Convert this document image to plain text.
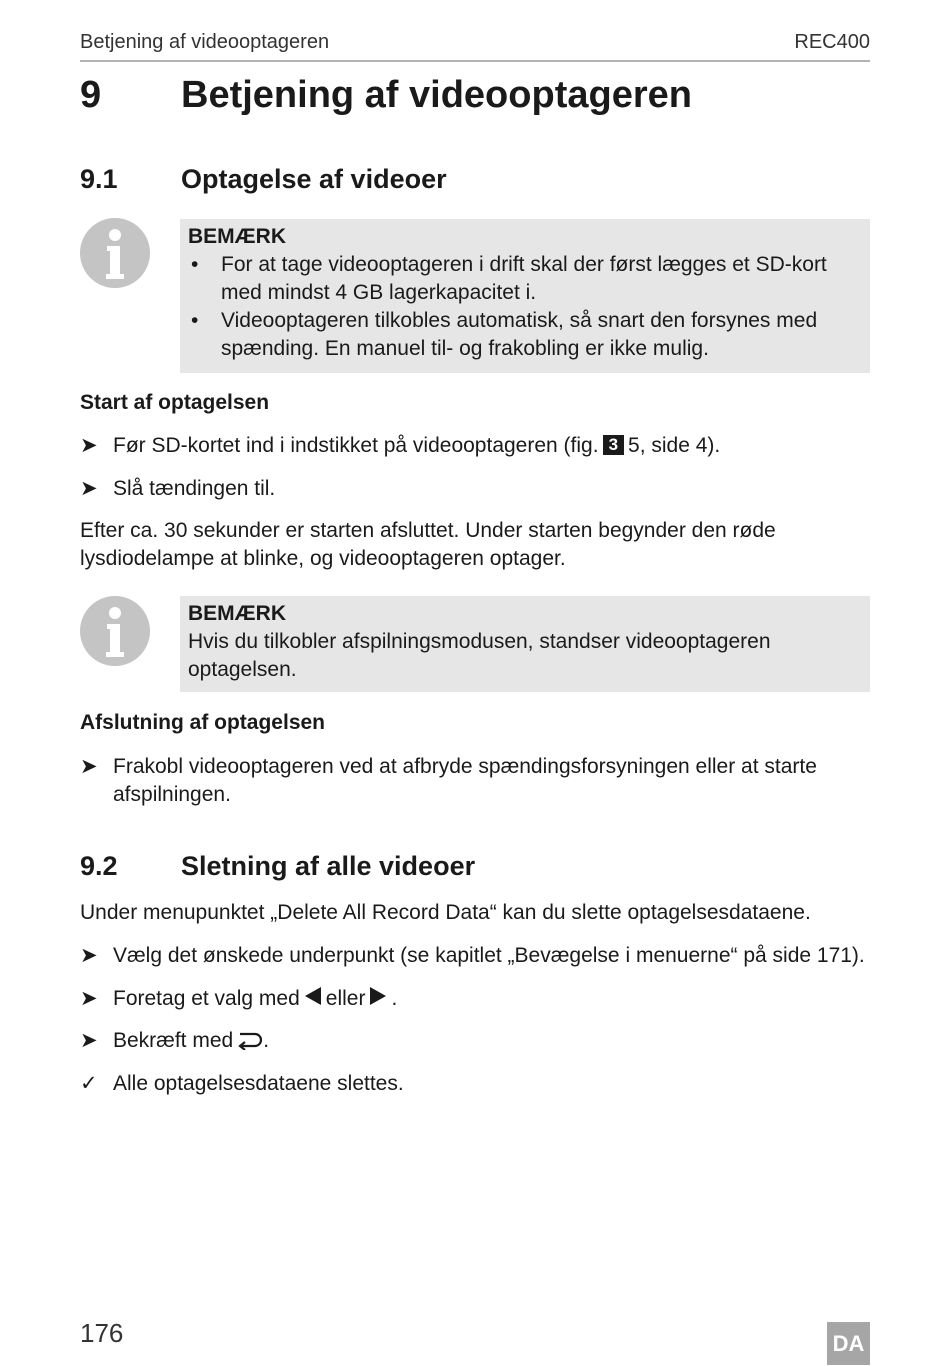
Betjening af videooptageren	REC400
9 Betjening af videooptageren
9.1 Optagelse af videoer
BEMÆRK
• For at tage videooptageren i drift skal der først lægges et SD-kort med mindst 4 GB lagerkapacitet i.
• Videooptageren tilkobles automatisk, så snart den forsynes med spænding. En manuel til- og frakobling er ikke mulig.
Start af optagelsen
➤ Før SD-kortet ind i indstikket på videooptageren (fig. 3 5, side 4).
➤ Slå tændingen til.
Efter ca. 30 sekunder er starten afsluttet. Under starten begynder den røde lysdiodelampe at blinke, og videooptageren optager.
BEMÆRK
Hvis du tilkobler afspilningsmodusen, standser videooptageren optagelsen.
Afslutning af optagelsen
➤ Frakobl videooptageren ved at afbryde spændingsforsyningen eller at starte afspilningen.
9.2 Sletning af alle videoer
Under menupunktet „Delete All Record Data“ kan du slette optagelsesdataene.
➤ Vælg det ønskede underpunkt (se kapitlet „Bevægelse i menuerne“ på side 171).
➤ Foretag et valg med eller .
➤ Bekræft med .
✓ Alle optagelsesdataene slettes.
176	DA
